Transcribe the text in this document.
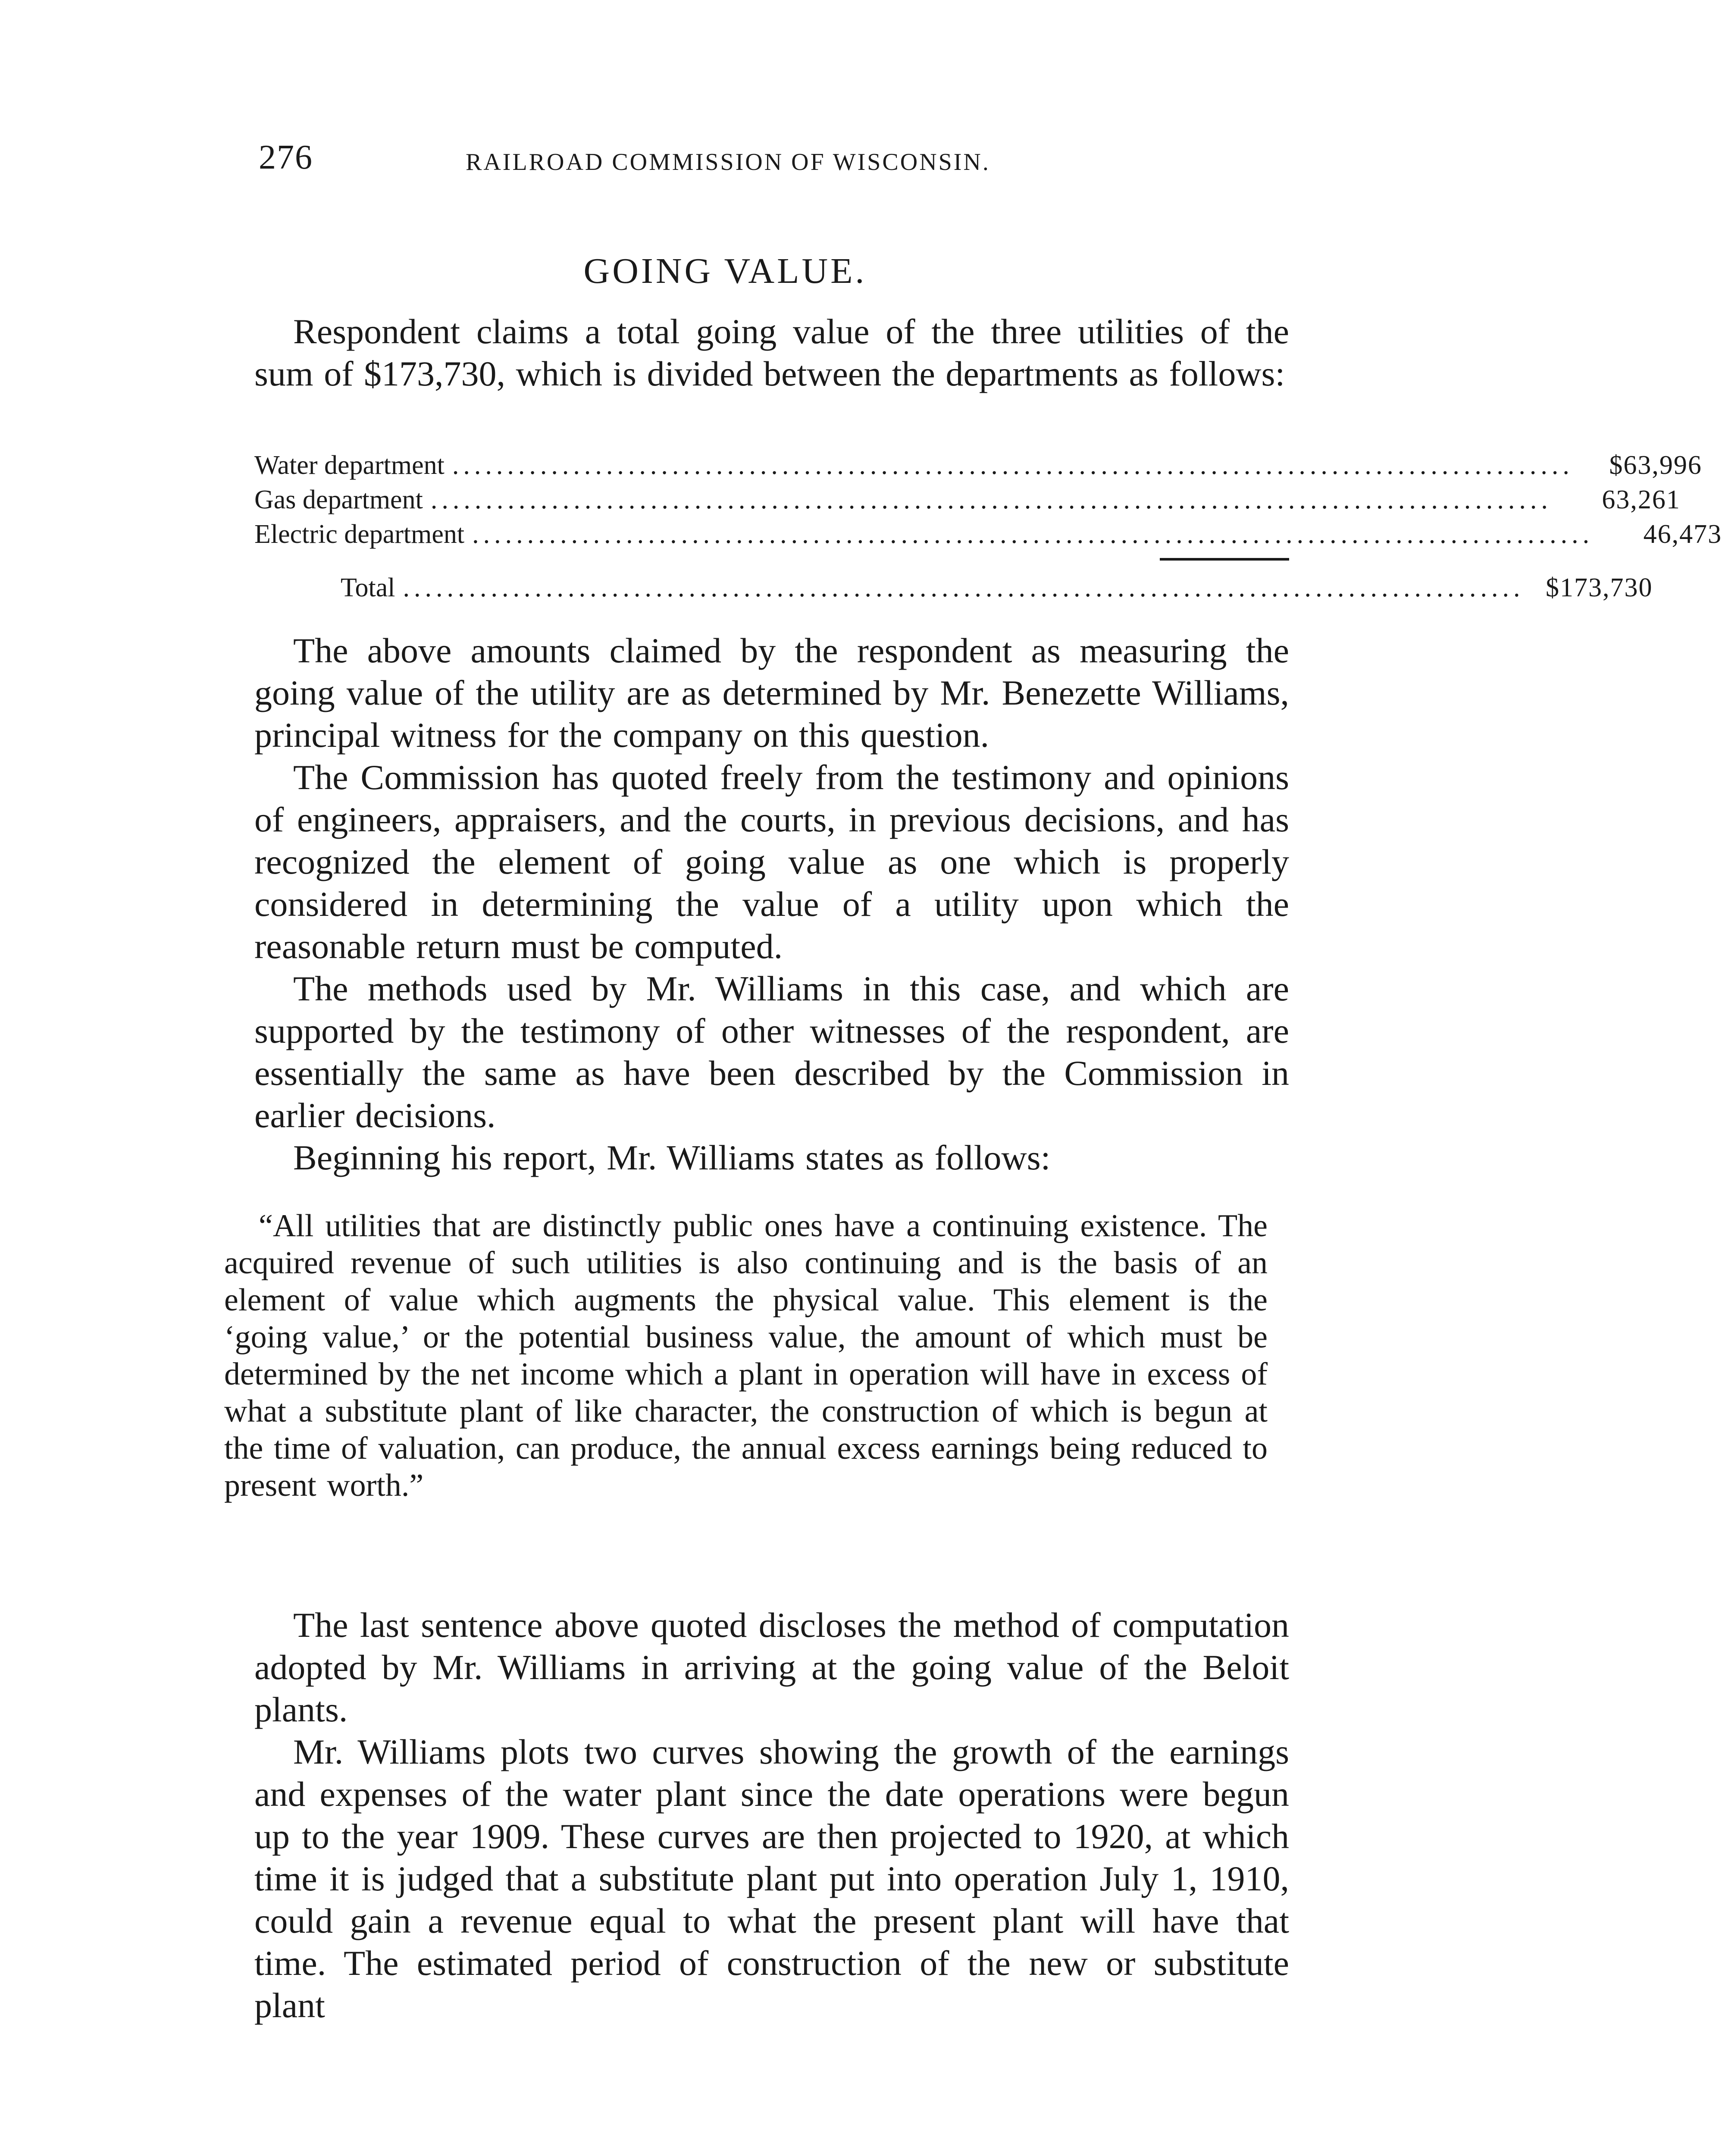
276	RAILROAD COMMISSION OF WISCONSIN.
GOING VALUE.

Respondent claims a total going value of the three utilities of the sum of $173,730, which is divided between the departments as follows:

Water department ......................................................................................................	$63,996
Gas department ......................................................................................................	63,261
Electric department ......................................................................................................	46,473
Total ...................................................................................................... $173,730

The above amounts claimed by the respondent as measuring the going value of the utility are as determined by Mr. Benezette Williams, principal witness for the company on this question.

The Commission has quoted freely from the testimony and opinions of engineers, appraisers, and the courts, in previous decisions, and has recognized the element of going value as one which is properly considered in determining the value of a utility upon which the reasonable return must be computed.

The methods used by Mr. Williams in this case, and which are supported by the testimony of other witnesses of the respondent, are essentially the same as have been described by the Commission in earlier decisions.

Beginning his report, Mr. Williams states as follows:

“All utilities that are distinctly public ones have a continuing existence. The acquired revenue of such utilities is also continuing and is the basis of an element of value which augments the physical value. This element is the ‘going value,’ or the potential business value, the amount of which must be determined by the net income which a plant in operation will have in excess of what a substitute plant of like character, the construction of which is begun at the time of valuation, can produce, the annual excess earnings being reduced to present worth.”

The last sentence above quoted discloses the method of computation adopted by Mr. Williams in arriving at the going value of the Beloit plants.

Mr. Williams plots two curves showing the growth of the earnings and expenses of the water plant since the date operations were begun up to the year 1909. These curves are then projected to 1920, at which time it is judged that a substitute plant put into operation July 1, 1910, could gain a revenue equal to what the present plant will have that time. The estimated period of construction of the new or substitute plant
